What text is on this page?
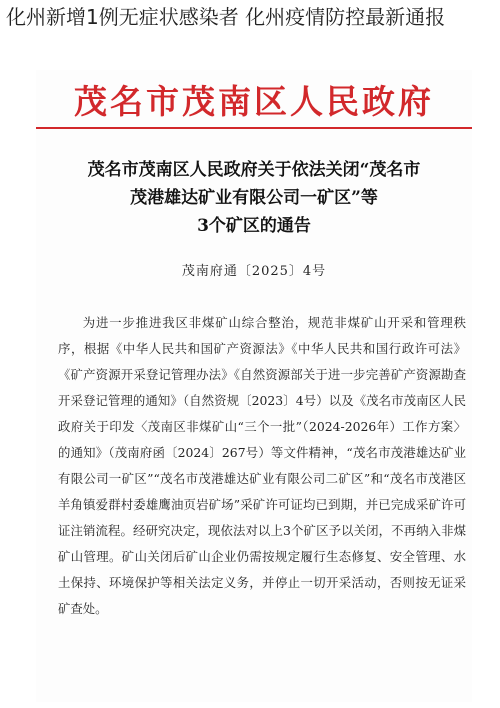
化州新增1例无症状感染者 化州疫情防控最新通报
茂名市茂南区人民政府
茂名市茂南区人民政府关于依法关闭“茂名市
茂港雄达矿业有限公司一矿区”等
3个矿区的通告
茂南府通〔2025〕4号
为进一步推进我区非煤矿山综合整治，规范非煤矿山开采和管理秩序，根据《中华人民共和国矿产资源法》《中华人民共和国行政许可法》《矿产资源开采登记管理办法》《自然资源部关于进一步完善矿产资源勘查开采登记管理的通知》（自然资规〔2023〕4号）以及《茂名市茂南区人民政府关于印发〈茂南区非煤矿山“三个一批”（2024-2026年）工作方案〉的通知》（茂南府函〔2024〕267号）等文件精神，“茂名市茂港雄达矿业有限公司一矿区”“茂名市茂港雄达矿业有限公司二矿区”和“茂名市茂港区羊角镇爱群村委雄鹰油页岩矿场”采矿许可证均已到期，并已完成采矿许可证注销流程。经研究决定，现依法对以上3个矿区予以关闭，不再纳入非煤矿山管理。矿山关闭后矿山企业仍需按规定履行生态修复、安全管理、水土保持、环境保护等相关法定义务，并停止一切开采活动，否则按无证采矿查处。
